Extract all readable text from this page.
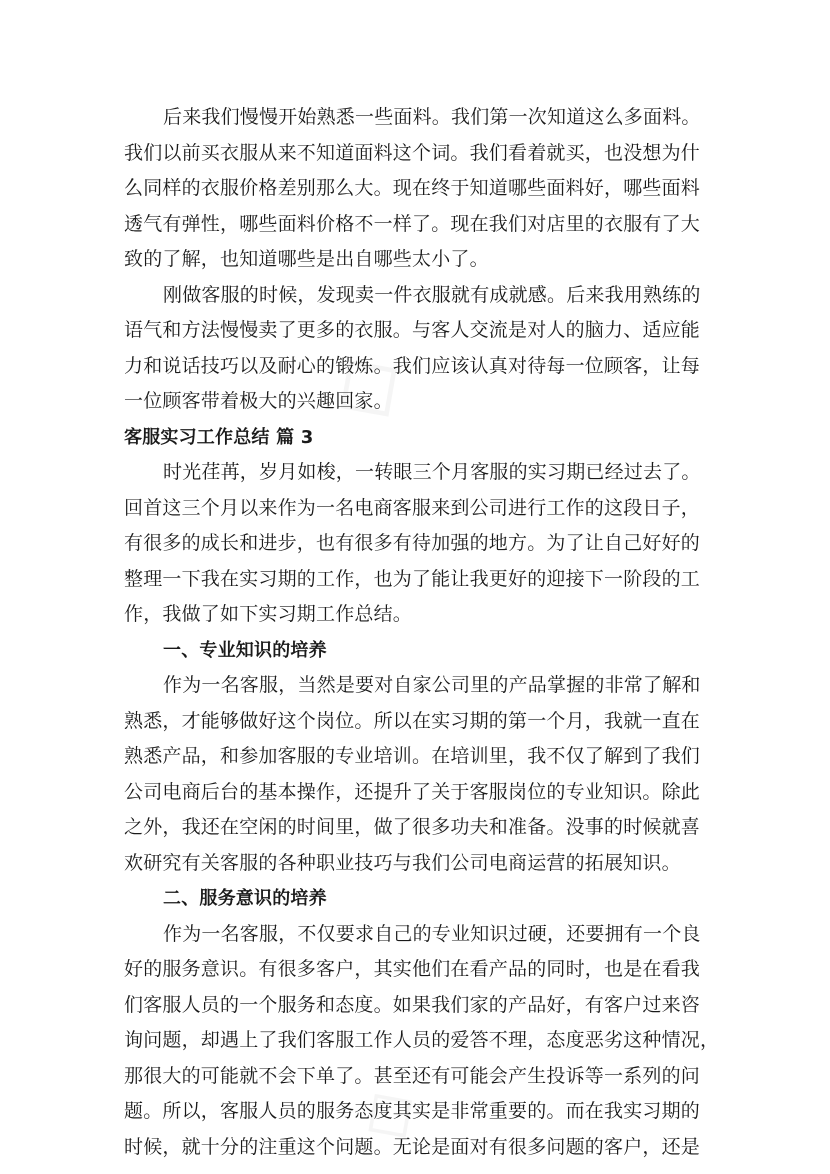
后来我们慢慢开始熟悉一些面料。我们第一次知道这么多面料。
我们以前买衣服从来不知道面料这个词。我们看着就买，也没想为什
么同样的衣服价格差别那么大。现在终于知道哪些面料好，哪些面料
透气有弹性，哪些面料价格不一样了。现在我们对店里的衣服有了大
致的了解，也知道哪些是出自哪些太小了。
刚做客服的时候，发现卖一件衣服就有成就感。后来我用熟练的
语气和方法慢慢卖了更多的衣服。与客人交流是对人的脑力、适应能
力和说话技巧以及耐心的锻炼。我们应该认真对待每一位顾客，让每
一位顾客带着极大的兴趣回家。
客服实习工作总结 篇 3
时光荏苒，岁月如梭，一转眼三个月客服的实习期已经过去了。
回首这三个月以来作为一名电商客服来到公司进行工作的这段日子，
有很多的成长和进步，也有很多有待加强的地方。为了让自己好好的
整理一下我在实习期的工作，也为了能让我更好的迎接下一阶段的工
作，我做了如下实习期工作总结。
一、专业知识的培养
作为一名客服，当然是要对自家公司里的产品掌握的非常了解和
熟悉，才能够做好这个岗位。所以在实习期的第一个月，我就一直在
熟悉产品，和参加客服的专业培训。在培训里，我不仅了解到了我们
公司电商后台的基本操作，还提升了关于客服岗位的专业知识。除此
之外，我还在空闲的时间里，做了很多功夫和准备。没事的时候就喜
欢研究有关客服的各种职业技巧与我们公司电商运营的拓展知识。
二、服务意识的培养
作为一名客服，不仅要求自己的专业知识过硬，还要拥有一个良
好的服务意识。有很多客户，其实他们在看产品的同时，也是在看我
们客服人员的一个服务和态度。如果我们家的产品好，有客户过来咨
询问题，却遇上了我们客服工作人员的爱答不理，态度恶劣这种情况，
那很大的可能就不会下单了。甚至还有可能会产生投诉等一系列的问
题。所以，客服人员的服务态度其实是非常重要的。而在我实习期的
时候，就十分的注重这个问题。无论是面对有很多问题的客户，还是
